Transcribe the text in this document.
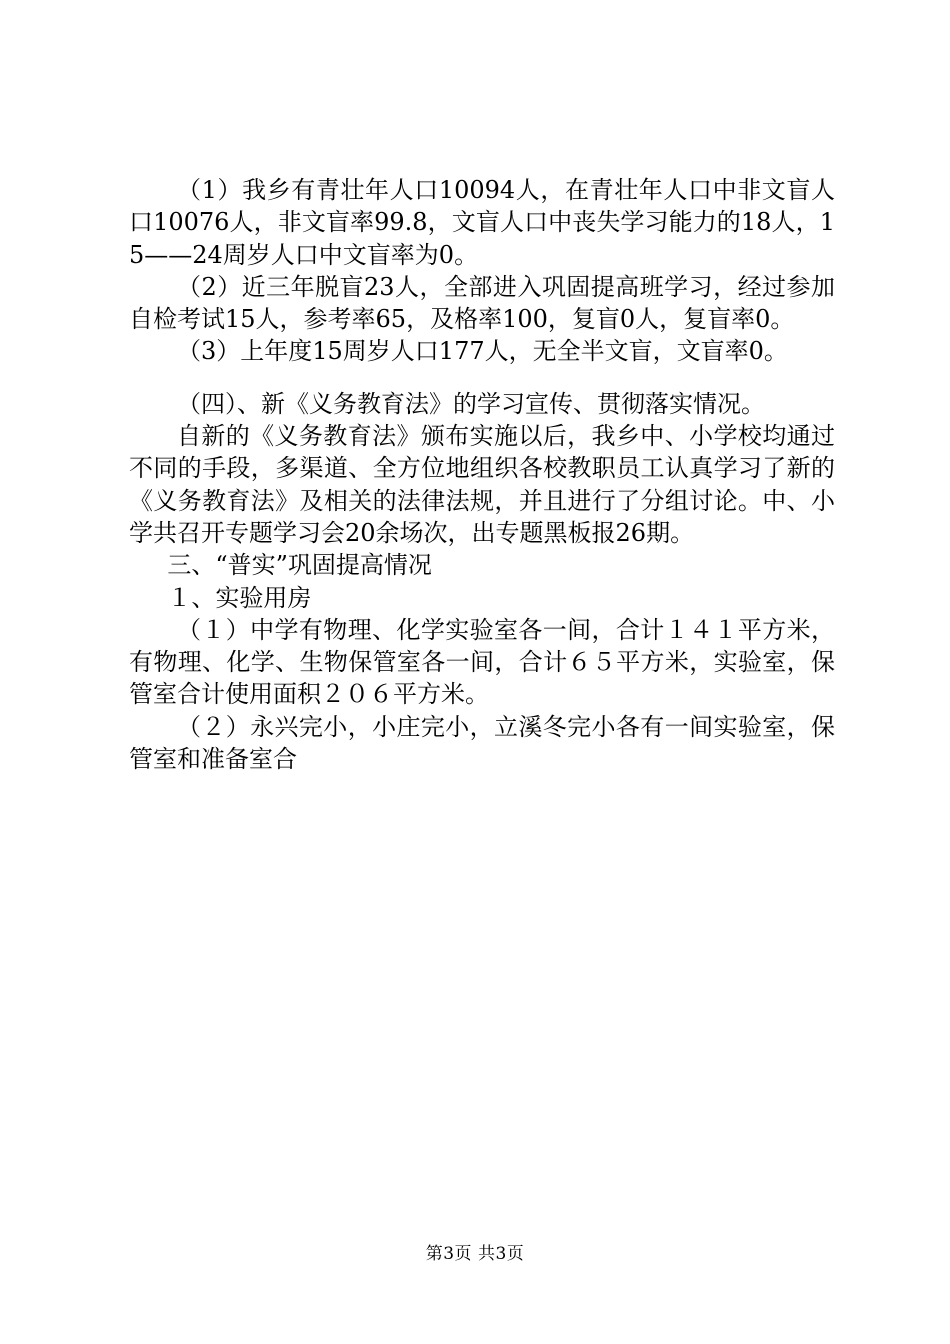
（1）我乡有青壮年人口10094人，在青壮年人口中非文盲人口10076人，非文盲率99.8，文盲人口中丧失学习能力的18人，15——24周岁人口中文盲率为0。

（2）近三年脱盲23人，全部进入巩固提高班学习，经过参加自检考试15人，参考率65，及格率100，复盲0人，复盲率0。

（3）上年度15周岁人口177人，无全半文盲，文盲率0。

（四）、新《义务教育法》的学习宣传、贯彻落实情况。

自新的《义务教育法》颁布实施以后，我乡中、小学校均通过不同的手段，多渠道、全方位地组织各校教职员工认真学习了新的《义务教育法》及相关的法律法规，并且进行了分组讨论。中、小学共召开专题学习会20余场次，出专题黑板报26期。

三、“普实”巩固提高情况

１、实验用房

（１）中学有物理、化学实验室各一间，合计１４１平方米，有物理、化学、生物保管室各一间，合计６５平方米，实验室，保管室合计使用面积２０６平方米。

（２）永兴完小，小庄完小，立溪冬完小各有一间实验室，保管室和准备室合

第3页 共3页
